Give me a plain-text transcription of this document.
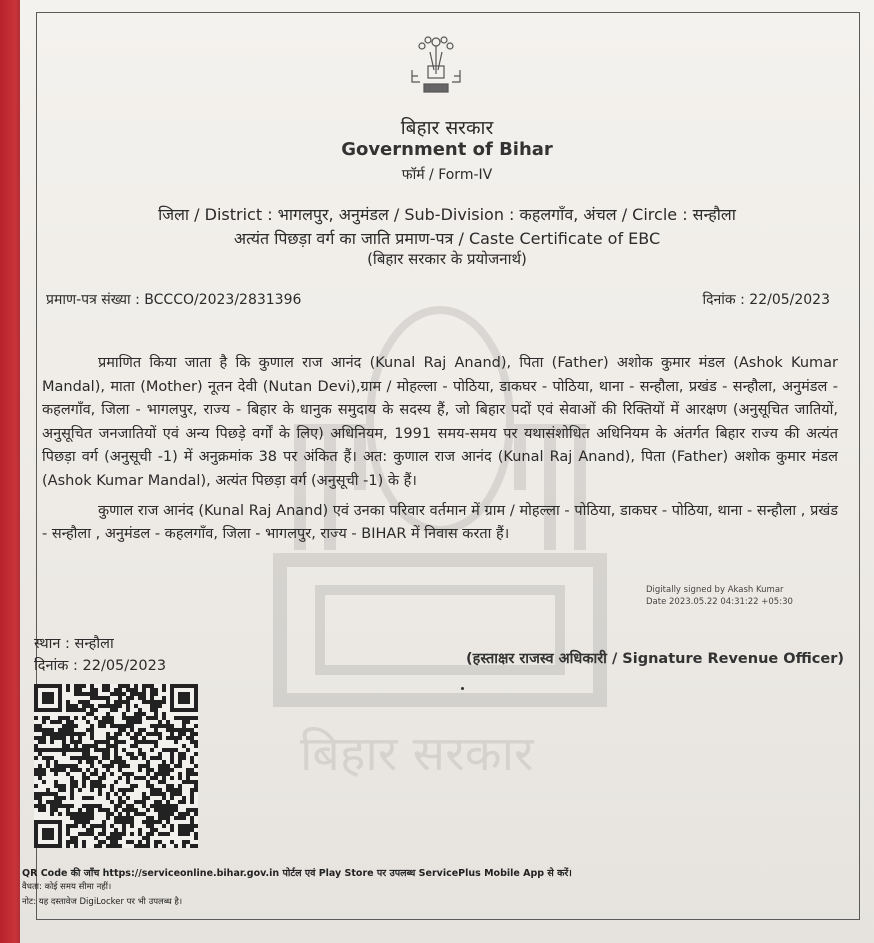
बिहार सरकार
बिहार सरकार
Government of Bihar
फॉर्म / Form-IV
जिला / District : भागलपुर, अनुमंडल / Sub-Division : कहलगाँव, अंचल / Circle : सन्हौला
अत्यंत पिछड़ा वर्ग का जाति प्रमाण-पत्र / Caste Certificate of EBC
(बिहार सरकार के प्रयोजनार्थ)
प्रमाण-पत्र संख्या : BCCCO/2023/2831396	दिनांक : 22/05/2023
प्रमाणित किया जाता है कि कुणाल राज आनंद (Kunal Raj Anand), पिता (Father) अशोक कुमार मंडल (Ashok Kumar Mandal), माता (Mother) नूतन देवी (Nutan Devi),ग्राम / मोहल्ला - पोठिया, डाकघर - पोठिया, थाना - सन्हौला, प्रखंड - सन्हौला, अनुमंडल - कहलगाँव, जिला - भागलपुर, राज्य - बिहार के धानुक समुदाय के सदस्य हैं, जो बिहार पदों एवं सेवाओं की रिक्तियों में आरक्षण (अनुसूचित जातियों, अनुसूचित जनजातियों एवं अन्य पिछड़े वर्गों के लिए) अधिनियम, 1991 समय-समय पर यथासंशोधित अधिनियम के अंतर्गत बिहार राज्य की अत्यंत पिछड़ा वर्ग (अनुसूची -1) में अनुक्रमांक 38 पर अंकित हैं। अत: कुणाल राज आनंद (Kunal Raj Anand), पिता (Father) अशोक कुमार मंडल (Ashok Kumar Mandal), अत्यंत पिछड़ा वर्ग (अनुसूची -1) के हैं।
कुणाल राज आनंद (Kunal Raj Anand) एवं उनका परिवार वर्तमान में ग्राम / मोहल्ला - पोठिया, डाकघर - पोठिया, थाना - सन्हौला , प्रखंड - सन्हौला , अनुमंडल - कहलगाँव, जिला - भागलपुर, राज्य - BIHAR में निवास करता हैं।
Digitally signed by Akash Kumar
Date 2023.05.22 04:31:22 +05:30
स्थान : सन्हौला
दिनांक : 22/05/2023	(हस्ताक्षर राजस्व अधिकारी / Signature Revenue Officer)
QR Code की जाँच https://serviceonline.bihar.gov.in पोर्टल एवं Play Store पर उपलब्ध ServicePlus Mobile App से करें।
वैधता: कोई समय सीमा नहीं।
नोट: यह दस्तावेज DigiLocker पर भी उपलब्ध है।
